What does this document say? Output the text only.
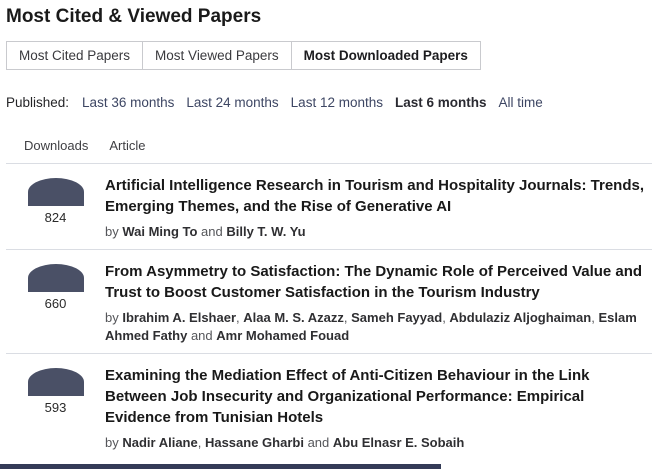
Most Cited & Viewed Papers
Most Cited Papers	Most Viewed Papers	Most Downloaded Papers
Published: Last 36 months Last 24 months Last 12 months Last 6 months All time
Downloads Article
824
Artificial Intelligence Research in Tourism and Hospitality Journals: Trends, Emerging Themes, and the Rise of Generative AI
by Wai Ming To and Billy T. W. Yu
660
From Asymmetry to Satisfaction: The Dynamic Role of Perceived Value and Trust to Boost Customer Satisfaction in the Tourism Industry
by Ibrahim A. Elshaer, Alaa M. S. Azazz, Sameh Fayyad, Abdulaziz Aljoghaiman, Eslam Ahmed Fathy and Amr Mohamed Fouad
593
Examining the Mediation Effect of Anti-Citizen Behaviour in the Link Between Job Insecurity and Organizational Performance: Empirical Evidence from Tunisian Hotels
by Nadir Aliane, Hassane Gharbi and Abu Elnasr E. Sobaih
